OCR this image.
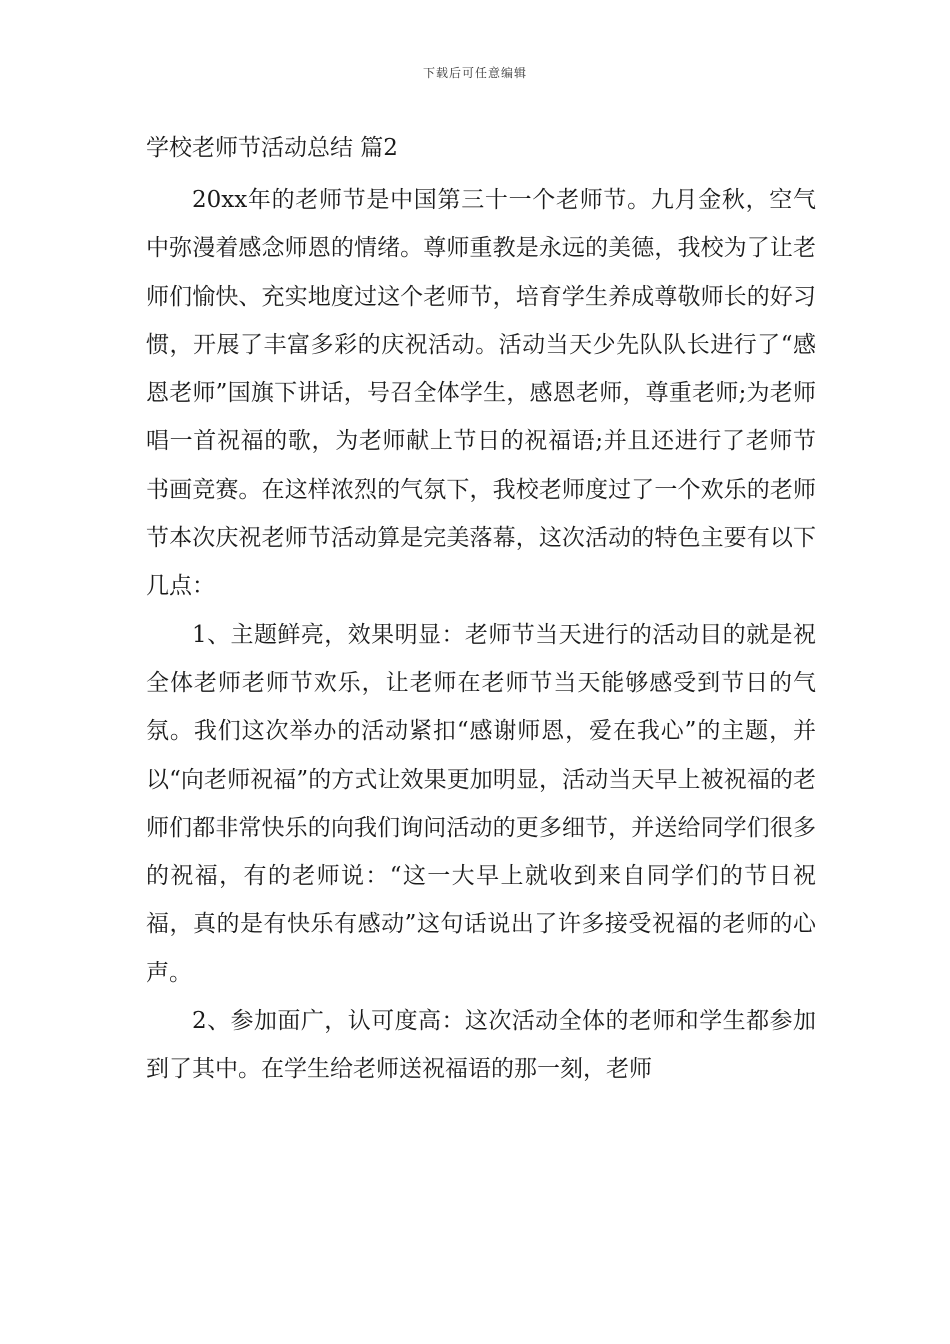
下载后可任意编辑
学校老师节活动总结 篇2

20xx年的老师节是中国第三十一个老师节。九月金秋，空气中弥漫着感念师恩的情绪。尊师重教是永远的美德，我校为了让老师们愉快、充实地度过这个老师节，培育学生养成尊敬师长的好习惯，开展了丰富多彩的庆祝活动。活动当天少先队队长进行了“感恩老师”国旗下讲话，号召全体学生，感恩老师，尊重老师;为老师唱一首祝福的歌，为老师献上节日的祝福语;并且还进行了老师节书画竞赛。在这样浓烈的气氛下，我校老师度过了一个欢乐的老师节本次庆祝老师节活动算是完美落幕，这次活动的特色主要有以下几点：

1、主题鲜亮，效果明显：老师节当天进行的活动目的就是祝全体老师老师节欢乐，让老师在老师节当天能够感受到节日的气氛。我们这次举办的活动紧扣“感谢师恩，爱在我心”的主题，并以“向老师祝福”的方式让效果更加明显，活动当天早上被祝福的老师们都非常快乐的向我们询问活动的更多细节，并送给同学们很多的祝福，有的老师说：“这一大早上就收到来自同学们的节日祝福，真的是有快乐有感动”这句话说出了许多接受祝福的老师的心声。

2、参加面广，认可度高：这次活动全体的老师和学生都参加到了其中。在学生给老师送祝福语的那一刻，老师
